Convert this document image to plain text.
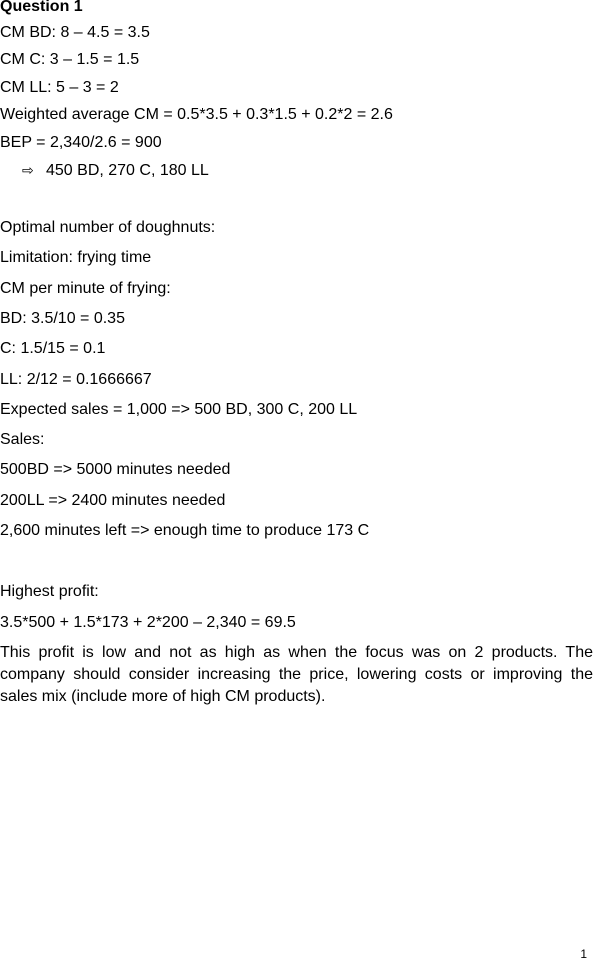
Question 1
CM BD: 8 – 4.5 = 3.5
CM C: 3 – 1.5 = 1.5
CM LL: 5 – 3 = 2
Weighted average CM = 0.5*3.5 + 0.3*1.5 + 0.2*2 = 2.6
BEP = 2,340/2.6 = 900
⇨ 450 BD, 270 C, 180 LL
Optimal number of doughnuts:
Limitation: frying time
CM per minute of frying:
BD: 3.5/10 = 0.35
C: 1.5/15 = 0.1
LL: 2/12 = 0.1666667
Expected sales = 1,000 => 500 BD, 300 C, 200 LL
Sales:
500BD => 5000 minutes needed
200LL => 2400 minutes needed
2,600 minutes left => enough time to produce 173 C
Highest profit:
3.5*500 + 1.5*173 + 2*200 – 2,340 = 69.5
This profit is low and not as high as when the focus was on 2 products. The company should consider increasing the price, lowering costs or improving the sales mix (include more of high CM products).
1
